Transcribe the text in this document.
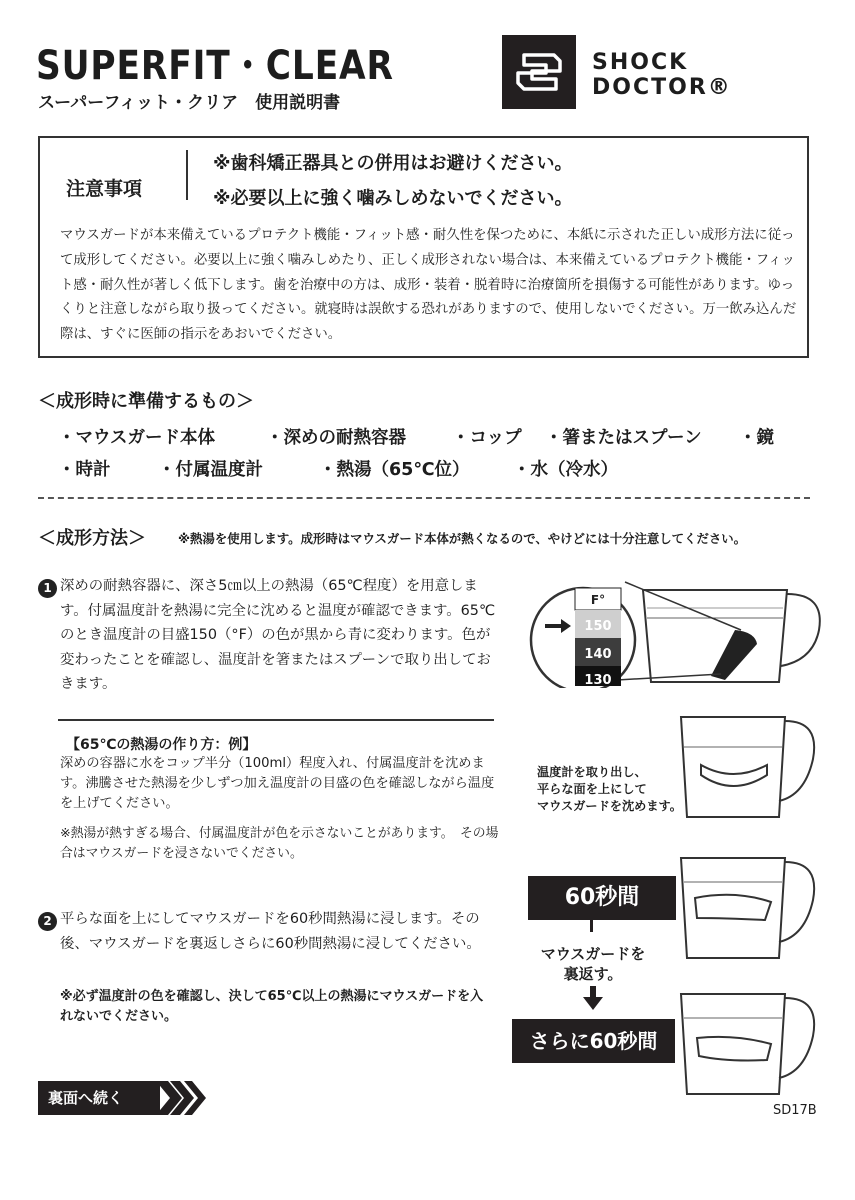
SUPERFIT・CLEAR
スーパーフィット・クリア　使用説明書
SHOCK
DOCTOR®
注意事項
※歯科矯正器具との併用はお避けください。
※必要以上に強く噛みしめないでください。
マウスガードが本来備えているプロテクト機能・フィット感・耐久性を保つために、本紙に示された正しい成形方法に従って成形してください。必要以上に強く噛みしめたり、正しく成形されない場合は、本来備えているプロテクト機能・フィット感・耐久性が著しく低下します。歯を治療中の方は、成形・装着・脱着時に治療箇所を損傷する可能性があります。ゆっくりと注意しながら取り扱ってください。就寝時は誤飲する恐れがありますので、使用しないでください。万一飲み込んだ際は、すぐに医師の指示をあおいでください。
＜成形時に準備するもの＞
・マウスガード本体	・深めの耐熱容器	・コップ ・箸またはスプーン ・鏡
・時計	・付属温度計	・熱湯（65℃位） ・水（冷水）
＜成形方法＞	※熱湯を使用します。成形時はマウスガード本体が熱くなるので、やけどには十分注意してください。
1 深めの耐熱容器に、深さ5㎝以上の熱湯（65℃程度）を用意します。付属温度計を熱湯に完全に沈めると温度が確認できます。65℃のとき温度計の目盛150（°F）の色が黒から青に変わります。色が変わったことを確認し、温度計を箸またはスプーンで取り出しておきます。
【65℃の熱湯の作り方：例】
深めの容器に水をコップ半分（100ml）程度入れ、付属温度計を沈めます。沸騰させた熱湯を少しずつ加え温度計の目盛の色を確認しながら温度を上げてください。
※熱湯が熱すぎる場合、付属温度計が色を示さないことがあります。　その場合はマウスガードを浸さないでください。
2 平らな面を上にしてマウスガードを60秒間熱湯に浸します。その後、マウスガードを裏返しさらに60秒間熱湯に浸してください。
※必ず温度計の色を確認し、決して65℃以上の熱湯にマウスガードを入れないでください。
F°
150
140
130
温度計を取り出し、
平らな面を上にして
マウスガードを沈めます。
60秒間
マウスガードを
裏返す。
さらに60秒間
裏面へ続く
SD17B
